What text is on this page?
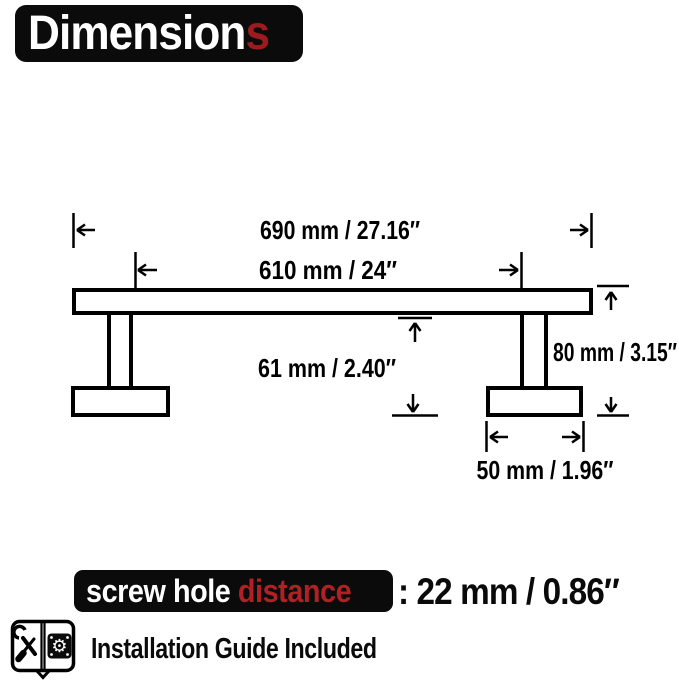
Dimensions
690 mm / 27.16″
610 mm / 24″
61 mm / 2.40″
80 mm / 3.15″
50 mm / 1.96″
screw hole distance : 22 mm / 0.86″
⚙ Installation Guide Included
